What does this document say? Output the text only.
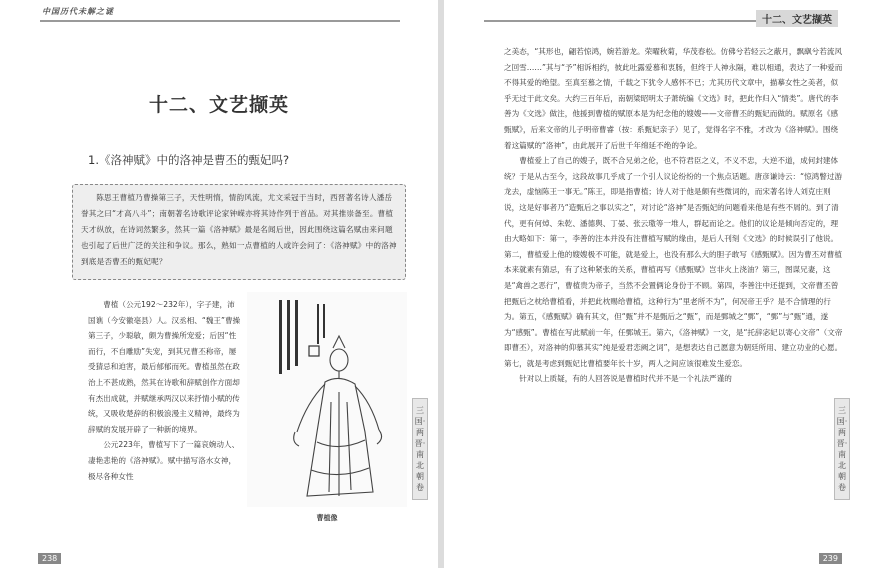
中国历代未解之谜
十二、文艺撷英
1.《洛神赋》中的洛神是曹丕的甄妃吗?

陈思王曹植乃曹操第三子，天性明惰，情韵风流，尤文采冠于当时，西晋著名诗人潘岳誉其之曰“才高八斗”；南朝著名诗歌评论家钟嵘亦将其诗作列于首品。对其推崇备至。曹植天才纵放，在诗词然繁多，然其一篇《洛神赋》最是名闻后世，因此围绕这篇名赋由来问题也引起了后世广泛的关注和争议。那么，熟如一点曹植的人或许会问了：《洛神赋》中的洛神到底是否曹丕的甄妃呢？

曹植（公元192～232年），字子建，沛国谯（今安徽亳县）人。汉丞相、“魏王”曹操第三子，少聪敏，颇为曹操所宠爱；后因“性而行，不自雕励”失宠，到其兄曹丕称帝，屡受猜忌和迫害，最后郁郁而死。曹植虽然在政治上不甚成熟，然其在诗歌和辞赋创作方面却有杰出成就，并赋继承两汉以来抒情小赋的传统，又吸收楚辞的积极浪漫主义精神，最终为辞赋的发展开辟了一种新的境界。

公元223年，曹植写下了一篇哀婉动人、凄艳悲艳的《洛神赋》。赋中描写洛水女神，极尽各种女性

曹植像
三国·两晋·南北朝卷
238
十二、文艺撷英
三国·两晋·南北朝卷

之美态，“其形也，翩若惊鸿，婉若游龙。荣曜秋菊，华茂春松。仿佛兮若轻云之蔽月，飘飖兮若流风之回雪……”其与“予”相诉相约，彼此吐露爱慕和衷肠，但终于人神永隔，难以相通，表达了一种爱而不得其爱的绝望。至真至慕之情，千载之下犹令人感怀不已；尤其历代文章中，描摹女性之美者，似乎无过于此文矣。大约三百年后，南朝梁昭明太子萧统编《文选》时，把此作归入“情类”。唐代的李善为《文选》做注，他援到曹植的赋原本是为纪念他的嫂嫂——文帝曹丕的甄妃而做的。赋原名《感甄赋》，后来文帝的儿子明帝曹睿（按：系甄妃亲子）见了，觉得名字不雅，才改为《洛神赋》。围绕着这篇赋的“洛神”，由此展开了后世千年绵延不绝的争论。

曹植爱上了自己的嫂子，既不合兄弟之伦，也不符君臣之义，不义不忠，大逆不道，成何封建体统？于是从古至今，这段故事几乎成了一个引人议论纷纷的一个焦点话题。唐彦谦诗云：“惊鸿瞥过游龙去，虚恼陈王一事无。”陈王，即是指曹植；诗人对于他是颇有些微词的，而宋著名诗人刘克庄则说，这是好事者乃“造甄后之事以实之”，对讨论“洛神”是否甄妃的问题看来他是有些不屑的。到了清代，更有何焯、朱乾、潘德舆、丁晏、张云璈等一堆人，群起而论之。他们的议论是倾向否定的，理由大略如下：第一，李善的注本并没有注曹植写赋的缘由，是后人刊刻《文选》的时候误引了他说。第二，曹植爱上他的嫂嫂极不可能，就是爱上，也没有那么大的胆子敢写《感甄赋》。因为曹丕对曹植本来就素有猜忌，有了这种紧张的关系，曹植再写《感甄赋》岂非火上浇油？第三，图谋兄妻，这是“禽兽之恶行”，曹植贵为帝子，当然不会置俩论身份于不顾。第四，李善注中还提到，文帝曹丕曾把甄后之枕给曹植看，并把此枕赐给曹植，这种行为“里老所不为”，何况帝王乎？是不合情理的行为。第五，《感甄赋》确有其文，但“甄”并不是甄后之“甄”，而是鄄城之“鄄”，“鄄”与“甄”通，遂为“感甄”。曹植在写此赋前一年，任鄄城王。第六，《洛神赋》一文，是“托辞宓妃以寄心文帝”（文帝即曹丕），对洛神的仰慕其实“纯是爱君恋阙之词”，是想表达自己愿意为朝廷所用、建立功业的心愿。第七，就是考虑到甄妃比曹植要年长十岁，两人之间应该很难发生爱恋。

针对以上质疑，有的人回答说是曹植时代并不是一个礼法严谨的

239
